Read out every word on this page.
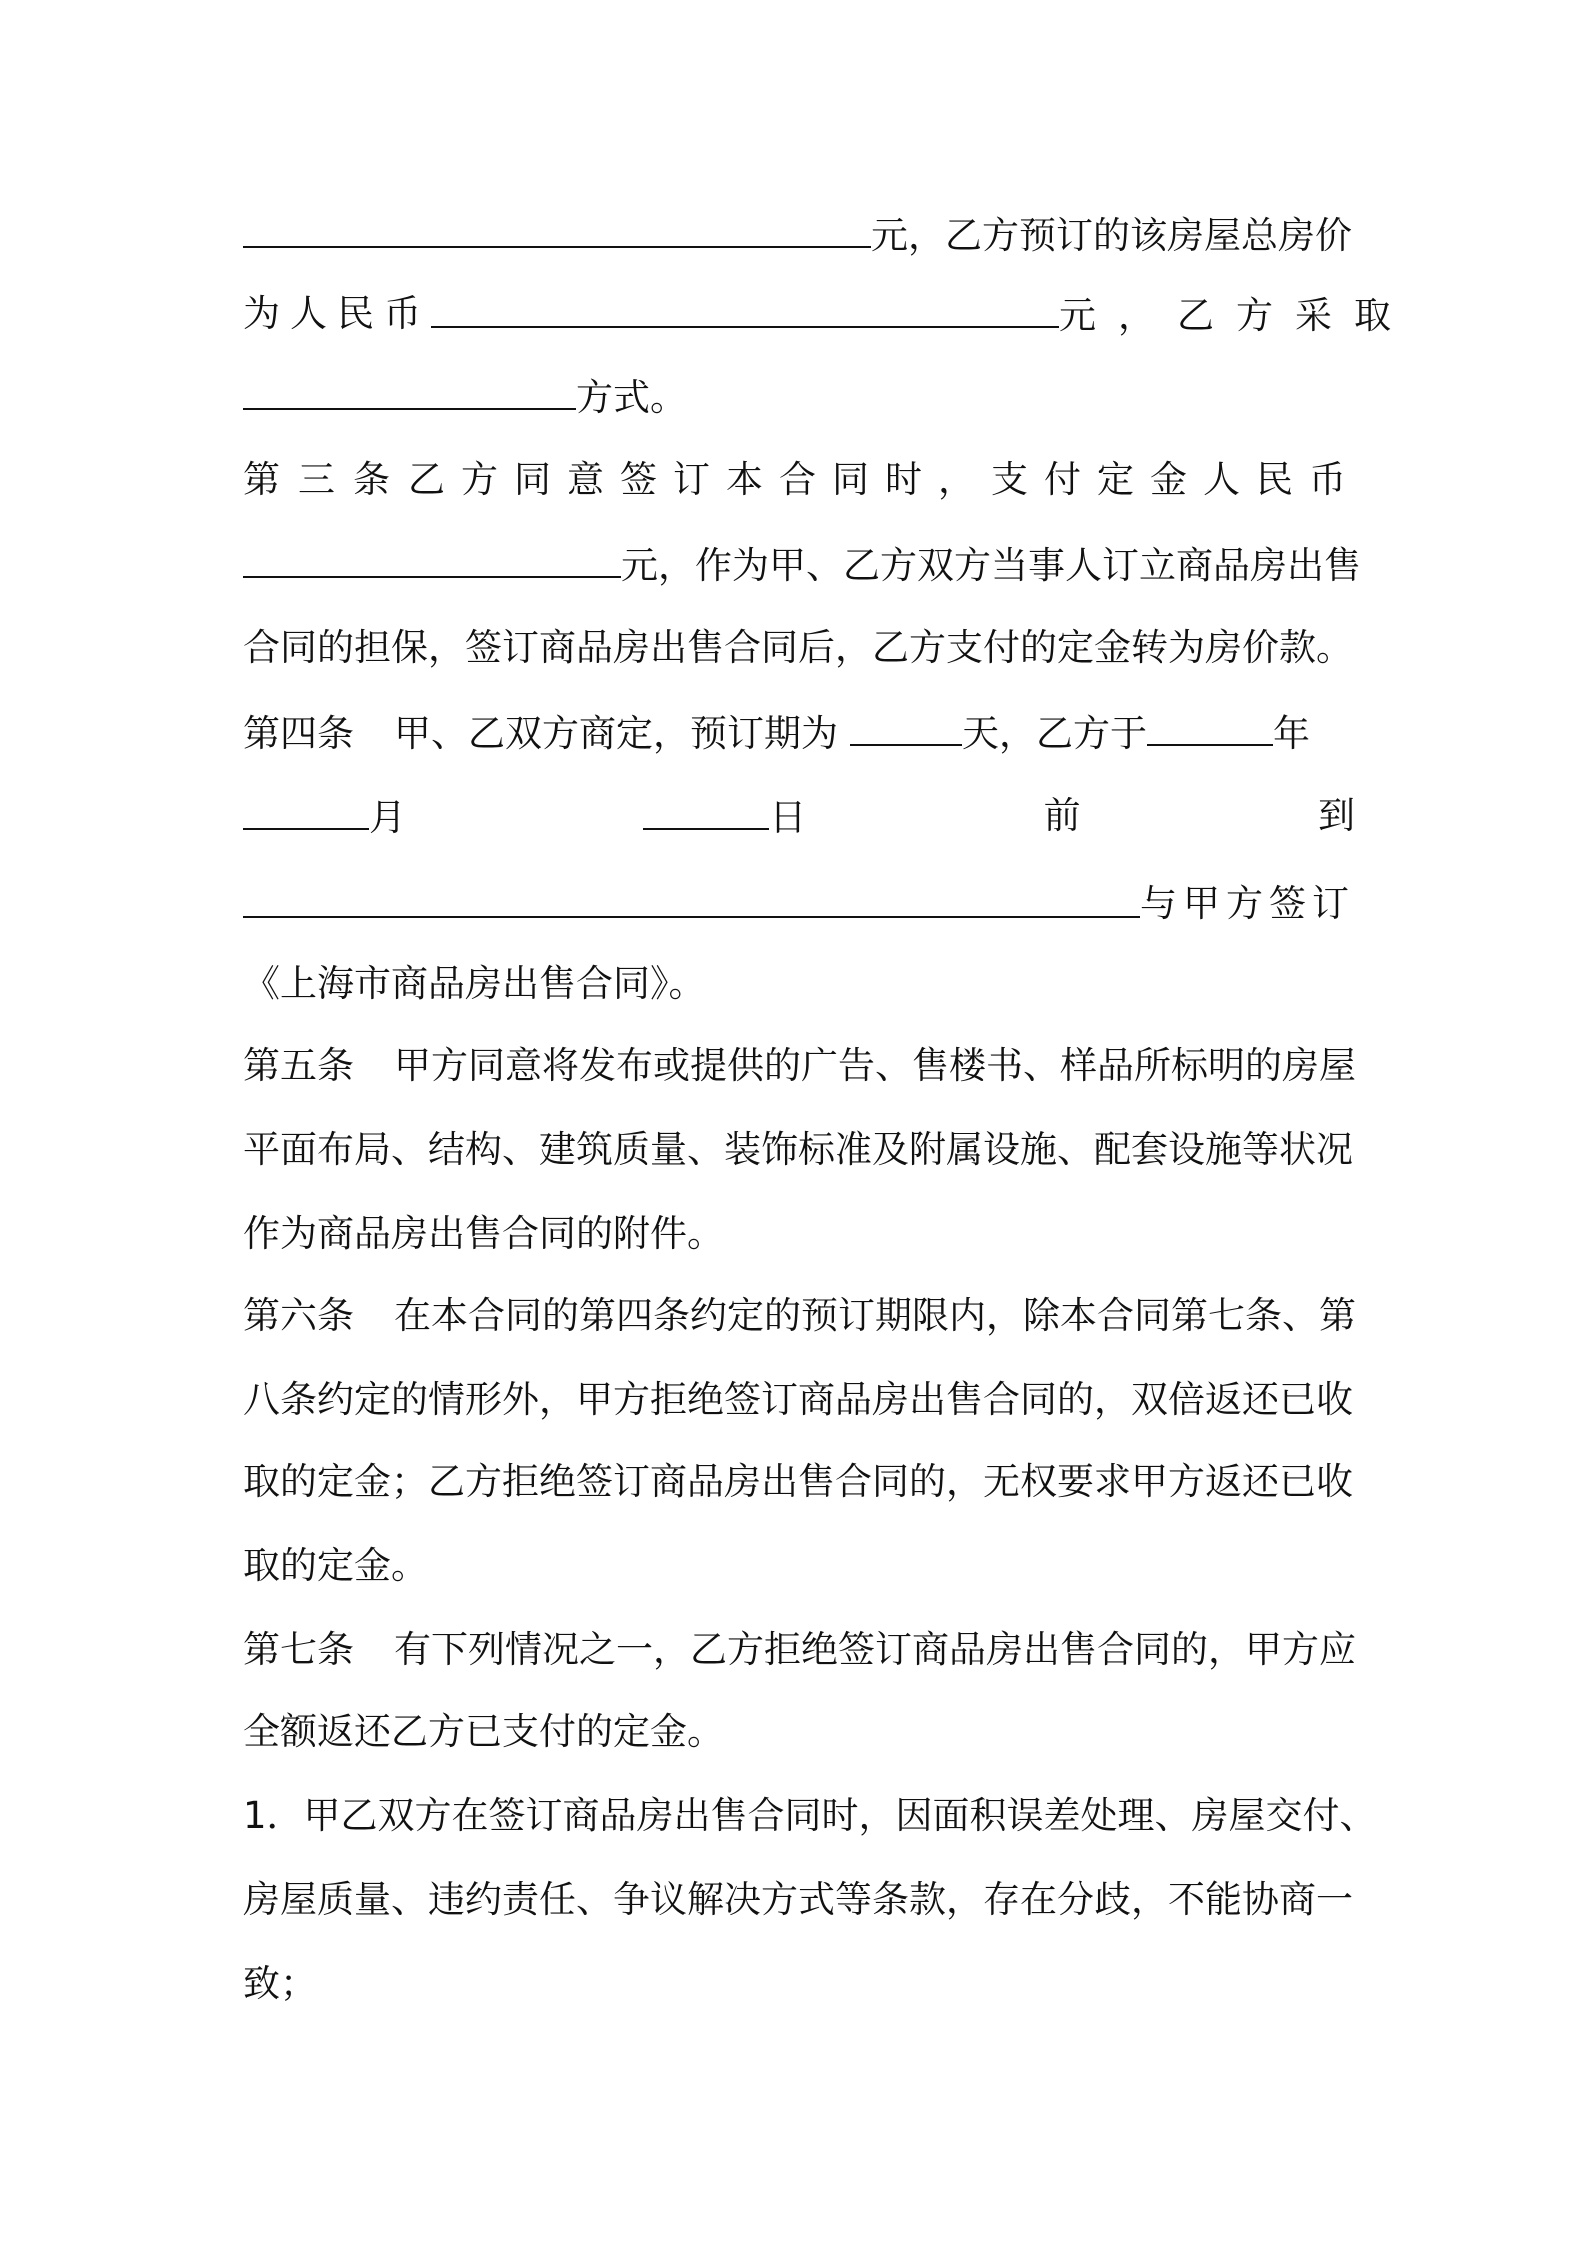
元，乙方预订的该房屋总房价
为人民币	元，乙方采取
方式。
第三条 乙方同意签订本合同时，支付定金人民币
元，作为甲、乙方双方当事人订立商品房出售
合同的担保，签订商品房出售合同后，乙方支付的定金转为房价款。
第四条 甲、乙双方商定，预订期为	天，乙方于	年
月	日	前	到
与甲方签订
《上海市商品房出售合同》。
第五条 甲方同意将发布或提供的广告、售楼书、样品所标明的房屋
平面布局、结构、建筑质量、装饰标准及附属设施、配套设施等状况
作为商品房出售合同的附件。
第六条 在本合同的第四条约定的预订期限内，除本合同第七条、第
八条约定的情形外，甲方拒绝签订商品房出售合同的，双倍返还已收
取的定金；乙方拒绝签订商品房出售合同的，无权要求甲方返还已收
取的定金。
第七条 有下列情况之一，乙方拒绝签订商品房出售合同的，甲方应
全额返还乙方已支付的定金。
1．甲乙双方在签订商品房出售合同时，因面积误差处理、房屋交付、
房屋质量、违约责任、争议解决方式等条款，存在分歧，不能协商一
致；
